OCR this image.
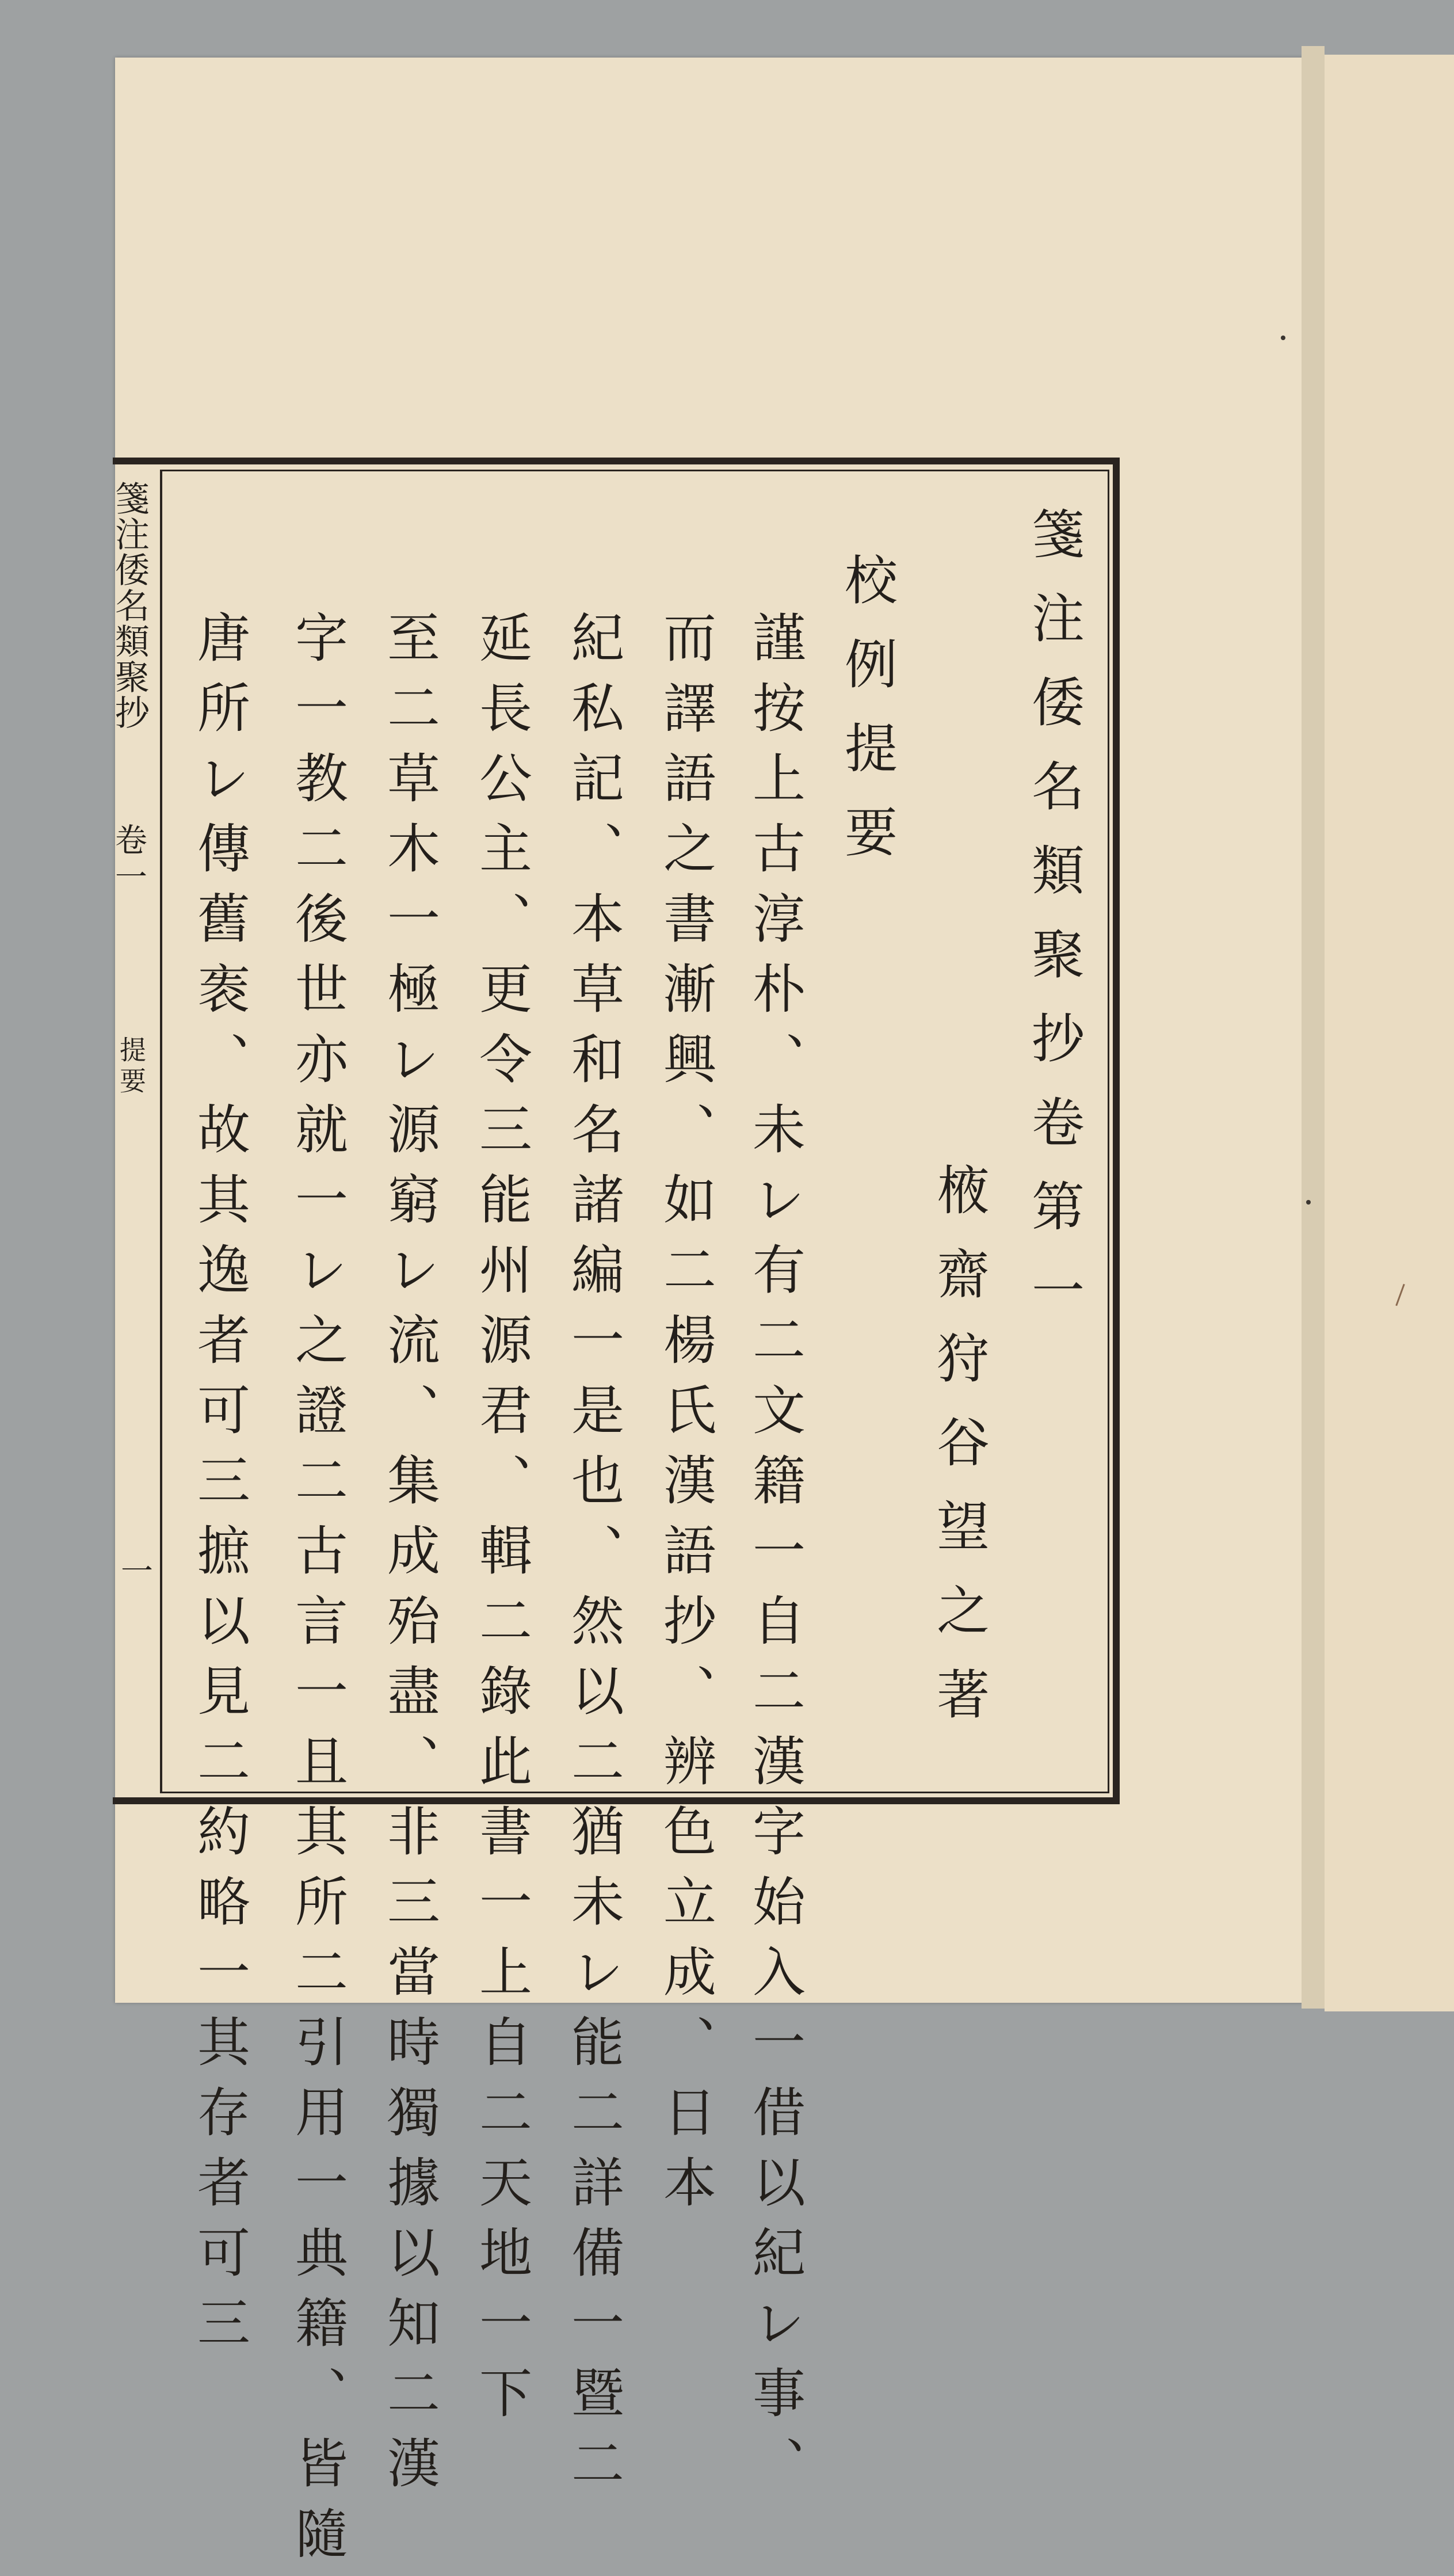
箋注倭名類聚抄卷第一
棭齋狩谷望之著
校例提要
謹按上古淳朴、未レ有二文籍一自二漢字始入一借以紀レ事、
而譯語之書漸興、如二楊氏漢語抄、辨色立成、日本
紀私記、本草和名諸編一是也、然以二猶未レ能二詳備一暨二
延長公主、更令三能州源君、輯二錄此書一上自二天地一下
至二草木一極レ源窮レ流、集成殆盡、非三當時獨據以知二漢
字一教二後世亦就一レ之證二古言一且其所二引用一典籍、皆隨
唐所レ傳舊袠、故其逸者可三摭以見二約略一其存者可三
箋注倭名類聚抄
卷一
提要
一
